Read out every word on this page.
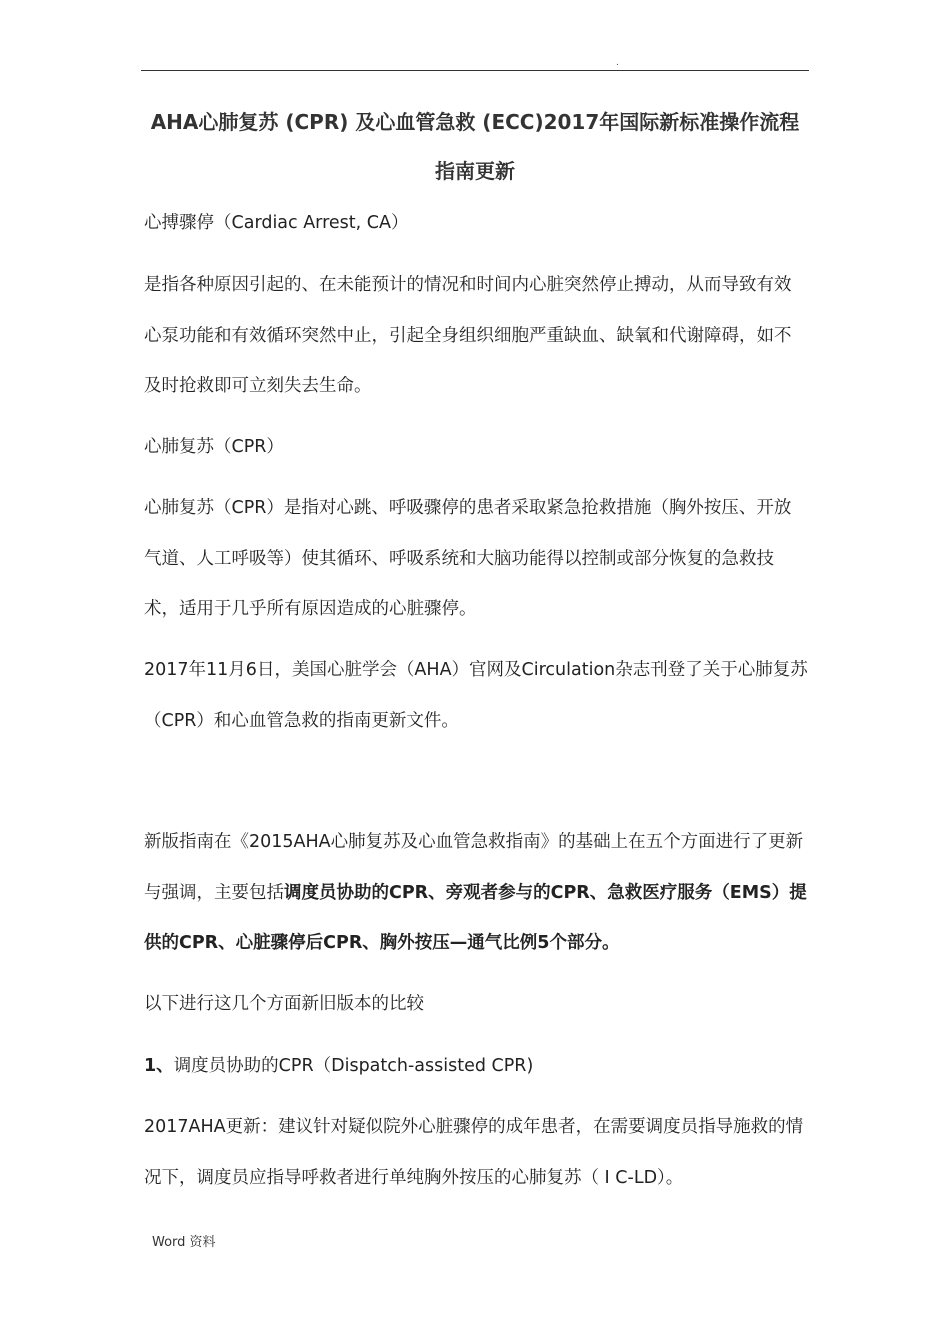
.
AHA心肺复苏 (CPR) 及心血管急救 (ECC)2017年国际新标准操作流程指南更新
心搏骤停（Cardiac Arrest, CA）
是指各种原因引起的、在未能预计的情况和时间内心脏突然停止搏动，从而导致有效心泵功能和有效循环突然中止，引起全身组织细胞严重缺血、缺氧和代谢障碍，如不及时抢救即可立刻失去生命。
心肺复苏（CPR）
心肺复苏（CPR）是指对心跳、呼吸骤停的患者采取紧急抢救措施（胸外按压、开放气道、人工呼吸等）使其循环、呼吸系统和大脑功能得以控制或部分恢复的急救技术，适用于几乎所有原因造成的心脏骤停。
2017年11月6日，美国心脏学会（AHA）官网及Circulation杂志刊登了关于心肺复苏（CPR）和心血管急救的指南更新文件。
新版指南在《2015AHA心肺复苏及心血管急救指南》的基础上在五个方面进行了更新与强调，主要包括调度员协助的CPR、旁观者参与的CPR、急救医疗服务（EMS）提供的CPR、心脏骤停后CPR、胸外按压—通气比例5个部分。
以下进行这几个方面新旧版本的比较
1、调度员协助的CPR（Dispatch-assisted CPR)
2017AHA更新：建议针对疑似院外心脏骤停的成年患者，在需要调度员指导施救的情况下，调度员应指导呼救者进行单纯胸外按压的心肺复苏（ I C-LD）。
Word 资料
